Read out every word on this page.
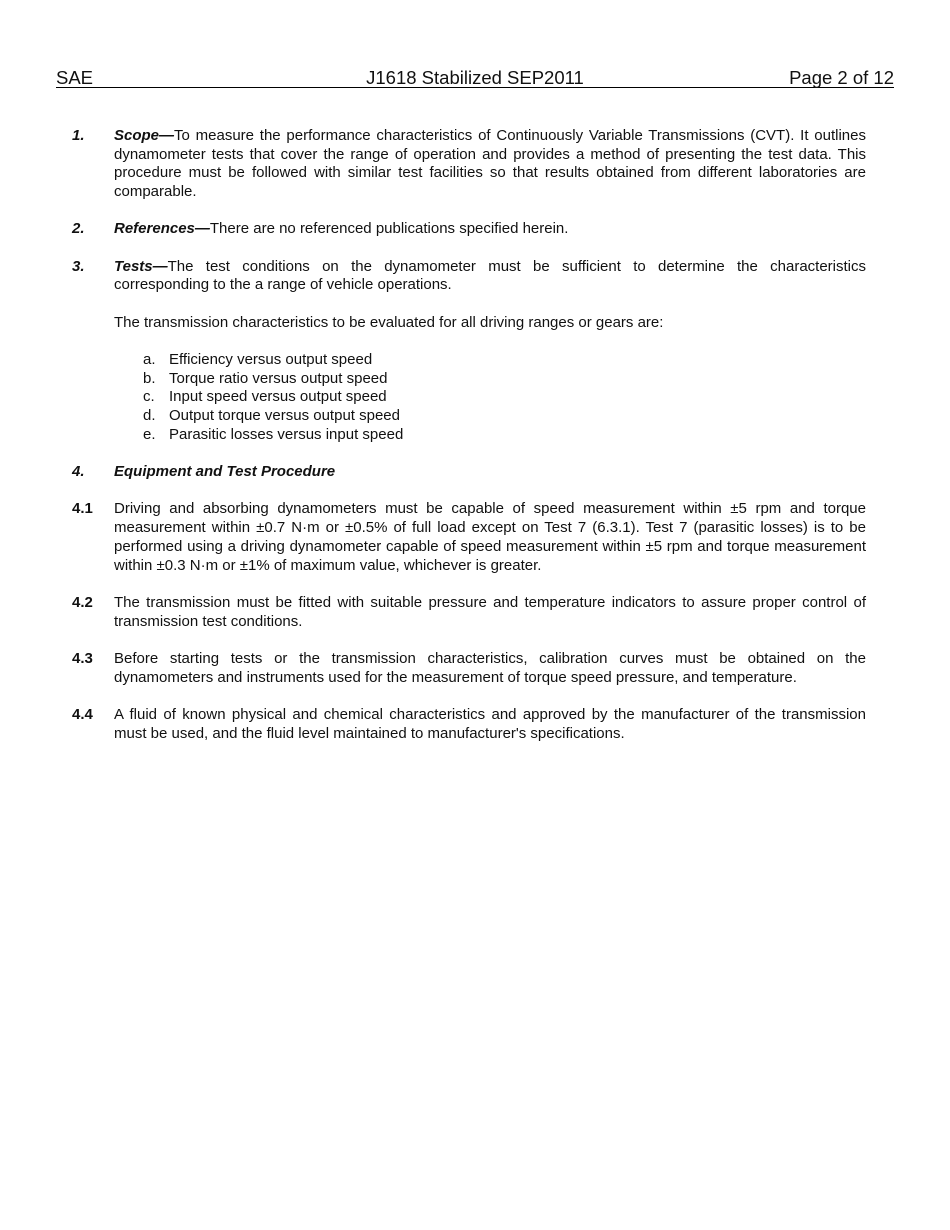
SAE	J1618 Stabilized SEP2011	Page 2 of 12
1. Scope—To measure the performance characteristics of Continuously Variable Transmissions (CVT). It outlines dynamometer tests that cover the range of operation and provides a method of presenting the test data. This procedure must be followed with similar test facilities so that results obtained from different laboratories are comparable.
2. References—There are no referenced publications specified herein.
3. Tests—The test conditions on the dynamometer must be sufficient to determine the characteristics corresponding to the a range of vehicle operations.
The transmission characteristics to be evaluated for all driving ranges or gears are:
a. Efficiency versus output speed
b. Torque ratio versus output speed
c. Input speed versus output speed
d. Output torque versus output speed
e. Parasitic losses versus input speed
4. Equipment and Test Procedure
4.1 Driving and absorbing dynamometers must be capable of speed measurement within ±5 rpm and torque measurement within ±0.7 N·m or ±0.5% of full load except on Test 7 (6.3.1). Test 7 (parasitic losses) is to be performed using a driving dynamometer capable of speed measurement within ±5 rpm and torque measurement within ±0.3 N·m or ±1% of maximum value, whichever is greater.
4.2 The transmission must be fitted with suitable pressure and temperature indicators to assure proper control of transmission test conditions.
4.3 Before starting tests or the transmission characteristics, calibration curves must be obtained on the dynamometers and instruments used for the measurement of torque speed pressure, and temperature.
4.4 A fluid of known physical and chemical characteristics and approved by the manufacturer of the transmission must be used, and the fluid level maintained to manufacturer's specifications.
